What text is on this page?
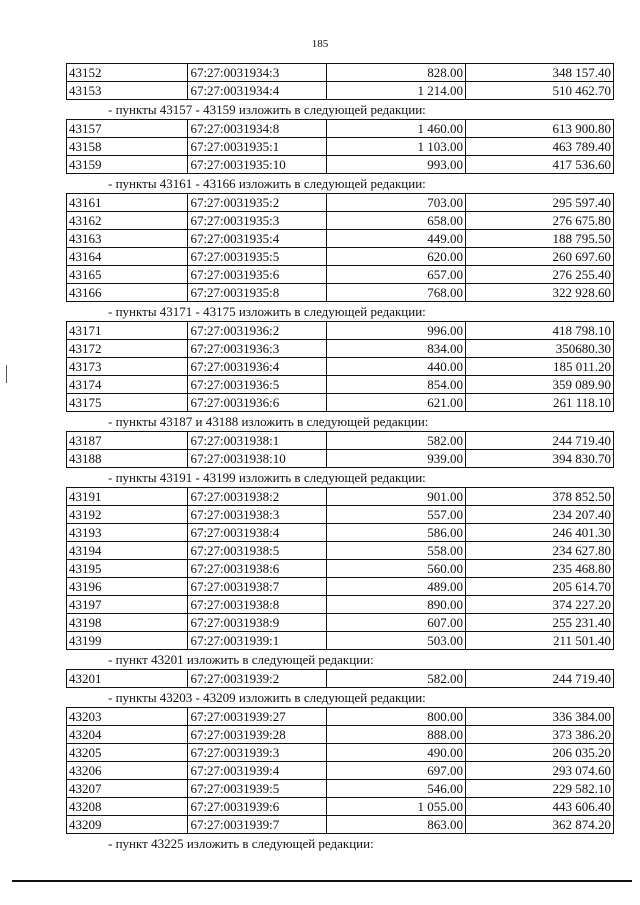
185
43152	67:27:0031934:3	828.00	348 157.40
43153	67:27:0031934:4	1 214.00	510 462.70
- пункты 43157 - 43159 изложить в следующей редакции:
43157	67:27:0031934:8	1 460.00	613 900.80
43158	67:27:0031935:1	1 103.00	463 789.40
43159	67:27:0031935:10	993.00	417 536.60
- пункты 43161 - 43166 изложить в следующей редакции:
43161	67:27:0031935:2	703.00	295 597.40
43162	67:27:0031935:3	658.00	276 675.80
43163	67:27:0031935:4	449.00	188 795.50
43164	67:27:0031935:5	620.00	260 697.60
43165	67:27:0031935:6	657.00	276 255.40
43166	67:27:0031935:8	768.00	322 928.60
- пункты 43171 - 43175 изложить в следующей редакции:
43171	67:27:0031936:2	996.00	418 798.10
43172	67:27:0031936:3	834.00	350680.30
43173	67:27:0031936:4	440.00	185 011.20
43174	67:27:0031936:5	854.00	359 089.90
43175	67:27:0031936:6	621.00	261 118.10
- пункты 43187 и 43188 изложить в следующей редакции:
43187	67:27:0031938:1	582.00	244 719.40
43188	67:27:0031938:10	939.00	394 830.70
- пункты 43191 - 43199 изложить в следующей редакции:
43191	67:27:0031938:2	901.00	378 852.50
43192	67:27:0031938:3	557.00	234 207.40
43193	67:27:0031938:4	586.00	246 401.30
43194	67:27:0031938:5	558.00	234 627.80
43195	67:27:0031938:6	560.00	235 468.80
43196	67:27:0031938:7	489.00	205 614.70
43197	67:27:0031938:8	890.00	374 227.20
43198	67:27:0031938:9	607.00	255 231.40
43199	67:27:0031939:1	503.00	211 501.40
- пункт 43201 изложить в следующей редакции:
43201	67:27:0031939:2	582.00	244 719.40
- пункты 43203 - 43209 изложить в следующей редакции:
43203	67:27:0031939:27	800.00	336 384.00
43204	67:27:0031939:28	888.00	373 386.20
43205	67:27:0031939:3	490.00	206 035.20
43206	67:27:0031939:4	697.00	293 074.60
43207	67:27:0031939:5	546.00	229 582.10
43208	67:27:0031939:6	1 055.00	443 606.40
43209	67:27:0031939:7	863.00	362 874.20
- пункт 43225 изложить в следующей редакции:
